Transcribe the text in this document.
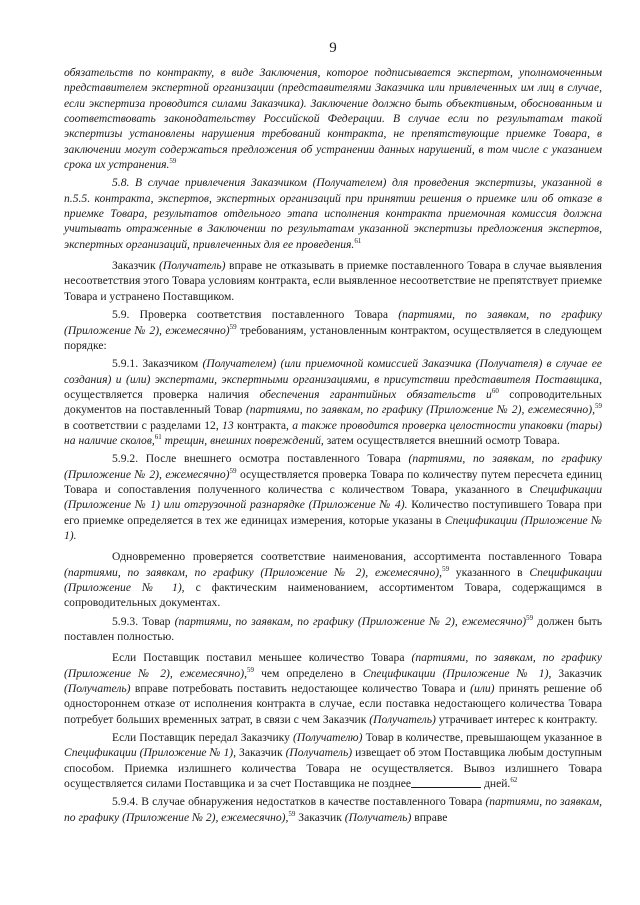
9

обязательств по контракту, в виде Заключения, которое подписывается экспертом, уполномоченным представителем экспертной организации (представителями Заказчика или привлеченных им лиц в случае, если экспертиза проводится силами Заказчика). Заключение должно быть объективным, обоснованным и соответствовать законодательству Российской Федерации. В случае если по результатам такой экспертизы установлены нарушения требований контракта, не препятствующие приемке Товара, в заключении могут содержаться предложения об устранении данных нарушений, в том числе с указанием срока их устранения.$^{59}$

5.8. В случае привлечения Заказчиком (Получателем) для проведения экспертизы, указанной в п.5.5. контракта, экспертов, экспертных организаций при принятии решения о приемке или об отказе в приемке Товара, результатов отдельного этапа исполнения контракта приемочная комиссия должна учитывать отраженные в Заключении по результатам указанной экспертизы предложения экспертов, экспертных организаций, привлеченных для ее проведения.$^{61}$

Заказчик (Получатель) вправе не отказывать в приемке поставленного Товара в случае выявления несоответствия этого Товара условиям контракта, если выявленное несоответствие не препятствует приемке Товара и устранено Поставщиком.

5.9. Проверка соответствия поставленного Товара (партиями, по заявкам, по графику (Приложение № 2), ежемесячно)$^{59}$ требованиям, установленным контрактом, осуществляется в следующем порядке:

5.9.1. Заказчиком (Получателем) (или приемочной комиссией Заказчика (Получателя) в случае ее создания) и (или) экспертами, экспертными организациями, в присутствии представителя Поставщика, осуществляется проверка наличия обеспечения гарантийных обязательств $и^{60}$ сопроводительных документов на поставленный Товар (партиями, по заявкам, по графику (Приложение № 2), ежемесячно),$^{59}$ в соответствии с разделами 12, 13 контракта, а также проводится проверка целостности упаковки (тары) на наличие сколов,$^{61}$ трещин, внешних повреждений, затем осуществляется внешний осмотр Товара.

5.9.2. После внешнего осмотра поставленного Товара (партиями, по заявкам, по графику (Приложение № 2), ежемесячно)$^{59}$ осуществляется проверка Товара по количеству путем пересчета единиц Товара и сопоставления полученного количества с количеством Товара, указанного в Спецификации (Приложение № 1) или отгрузочной разнарядке (Приложение № 4). Количество поступившего Товара при его приемке определяется в тех же единицах измерения, которые указаны в Спецификации (Приложение № 1).

Одновременно проверяется соответствие наименования, ассортимента поставленного Товара (партиями, по заявкам, по графику (Приложение № 2), ежемесячно),$^{59}$ указанного в Спецификации (Приложение № 1), с фактическим наименованием, ассортиментом Товара, содержащимся в сопроводительных документах.

5.9.3. Товар (партиями, по заявкам, по графику (Приложение № 2), ежемесячно)$^{59}$ должен быть поставлен полностью.

Если Поставщик поставил меньшее количество Товара (партиями, по заявкам, по графику (Приложение № 2), ежемесячно),$^{59}$ чем определено в Спецификации (Приложение № 1), Заказчик (Получатель) вправе потребовать поставить недостающее количество Товара и (или) принять решение об одностороннем отказе от исполнения контракта в случае, если поставка недостающего количества Товара потребует больших временных затрат, в связи с чем Заказчик (Получатель) утрачивает интерес к контракту.

Если Поставщик передал Заказчику (Получателю) Товар в количестве, превышающем указанное в Спецификации (Приложение № 1), Заказчик (Получатель) извещает об этом Поставщика любым доступным способом. Приемка излишнего количества Товара не осуществляется. Вывоз излишнего Товара осуществляется силами Поставщика и за счет Поставщика не позднее	дней.$^{62}$

5.9.4. В случае обнаружения недостатков в качестве поставленного Товара (партиями, по заявкам, по графику (Приложение № 2), ежемесячно),$^{59}$ Заказчик (Получатель) вправе
